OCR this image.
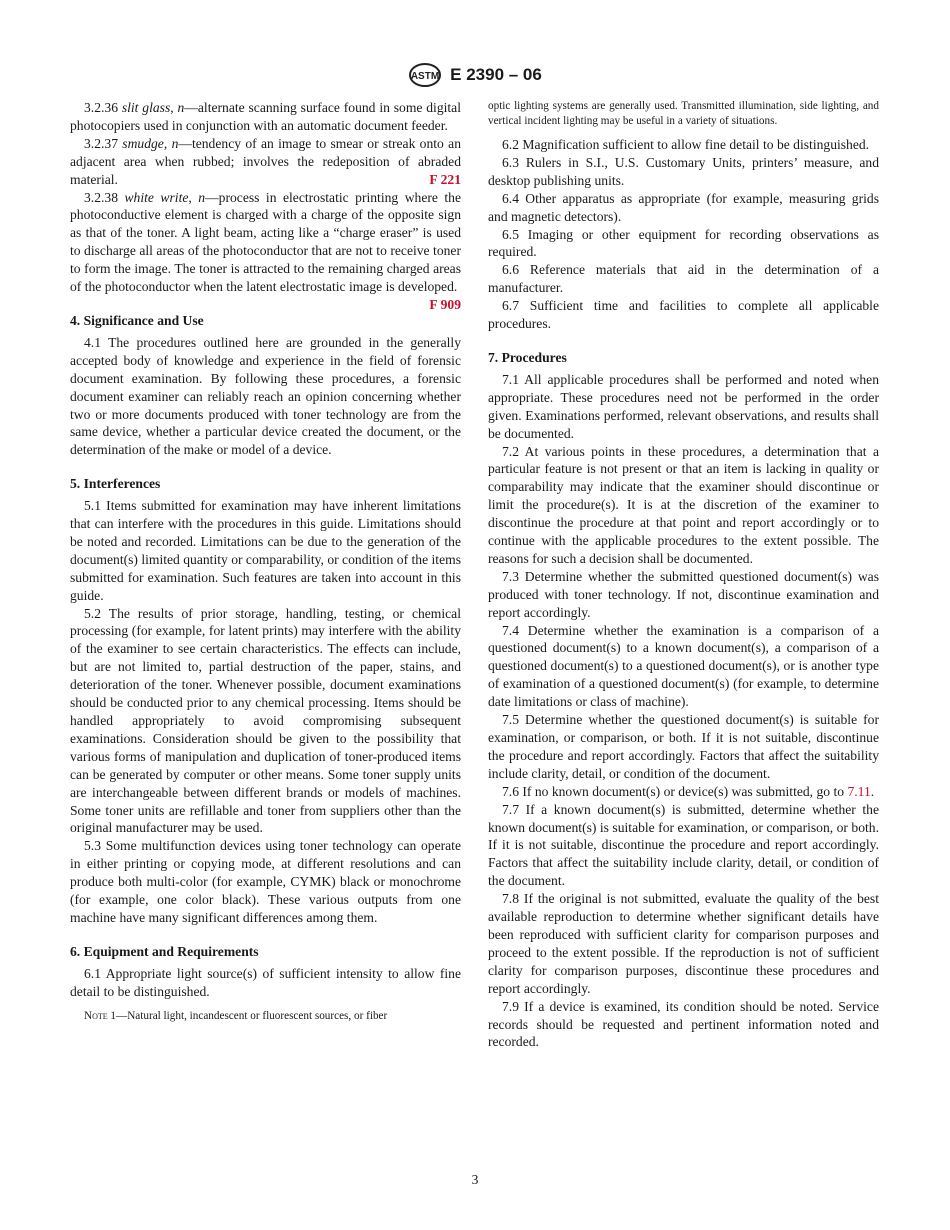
ASTM E 2390 – 06

3.2.36 slit glass, n—alternate scanning surface found in some digital photocopiers used in conjunction with an automatic document feeder.

3.2.37 smudge, n—tendency of an image to smear or streak onto an adjacent area when rubbed; involves the redeposition of abraded material.	F 221

3.2.38 white write, n—process in electrostatic printing where the photoconductive element is charged with a charge of the opposite sign as that of the toner. A light beam, acting like a “charge eraser” is used to discharge all areas of the photoconductor that are not to receive toner to form the image. The toner is attracted to the remaining charged areas of the photoconductor when the latent electrostatic image is developed.
F 909

4. Significance and Use

4.1 The procedures outlined here are grounded in the generally accepted body of knowledge and experience in the field of forensic document examination. By following these procedures, a forensic document examiner can reliably reach an opinion concerning whether two or more documents produced with toner technology are from the same device, whether a particular device created the document, or the determination of the make or model of a device.

5. Interferences

5.1 Items submitted for examination may have inherent limitations that can interfere with the procedures in this guide. Limitations should be noted and recorded. Limitations can be due to the generation of the document(s) limited quantity or comparability, or condition of the items submitted for examination. Such features are taken into account in this guide.

5.2 The results of prior storage, handling, testing, or chemical processing (for example, for latent prints) may interfere with the ability of the examiner to see certain characteristics. The effects can include, but are not limited to, partial destruction of the paper, stains, and deterioration of the toner. Whenever possible, document examinations should be conducted prior to any chemical processing. Items should be handled appropriately to avoid compromising subsequent examinations. Consideration should be given to the possibility that various forms of manipulation and duplication of toner-produced items can be generated by computer or other means. Some toner supply units are interchangeable between different brands or models of machines. Some toner units are refillable and toner from suppliers other than the original manufacturer may be used.

5.3 Some multifunction devices using toner technology can operate in either printing or copying mode, at different resolutions and can produce both multi-color (for example, CYMK) black or monochrome (for example, one color black). These various outputs from one machine have many significant differences among them.

6. Equipment and Requirements

6.1 Appropriate light source(s) of sufficient intensity to allow fine detail to be distinguished.

Note 1—Natural light, incandescent or fluorescent sources, or fiber

optic lighting systems are generally used. Transmitted illumination, side lighting, and vertical incident lighting may be useful in a variety of situations.

6.2 Magnification sufficient to allow fine detail to be distinguished.

6.3 Rulers in S.I., U.S. Customary Units, printers’ measure, and desktop publishing units.

6.4 Other apparatus as appropriate (for example, measuring grids and magnetic detectors).

6.5 Imaging or other equipment for recording observations as required.

6.6 Reference materials that aid in the determination of a manufacturer.

6.7 Sufficient time and facilities to complete all applicable procedures.

7. Procedures

7.1 All applicable procedures shall be performed and noted when appropriate. These procedures need not be performed in the order given. Examinations performed, relevant observations, and results shall be documented.

7.2 At various points in these procedures, a determination that a particular feature is not present or that an item is lacking in quality or comparability may indicate that the examiner should discontinue or limit the procedure(s). It is at the discretion of the examiner to discontinue the procedure at that point and report accordingly or to continue with the applicable procedures to the extent possible. The reasons for such a decision shall be documented.

7.3 Determine whether the submitted questioned document(s) was produced with toner technology. If not, discontinue examination and report accordingly.

7.4 Determine whether the examination is a comparison of a questioned document(s) to a known document(s), a comparison of a questioned document(s) to a questioned document(s), or is another type of examination of a questioned document(s) (for example, to determine date limitations or class of machine).

7.5 Determine whether the questioned document(s) is suitable for examination, or comparison, or both. If it is not suitable, discontinue the procedure and report accordingly. Factors that affect the suitability include clarity, detail, or condition of the document.

7.6 If no known document(s) or device(s) was submitted, go to 7.11.

7.7 If a known document(s) is submitted, determine whether the known document(s) is suitable for examination, or comparison, or both. If it is not suitable, discontinue the procedure and report accordingly. Factors that affect the suitability include clarity, detail, or condition of the document.

7.8 If the original is not submitted, evaluate the quality of the best available reproduction to determine whether significant details have been reproduced with sufficient clarity for comparison purposes and proceed to the extent possible. If the reproduction is not of sufficient clarity for comparison purposes, discontinue these procedures and report accordingly.

7.9 If a device is examined, its condition should be noted. Service records should be requested and pertinent information noted and recorded.

3
